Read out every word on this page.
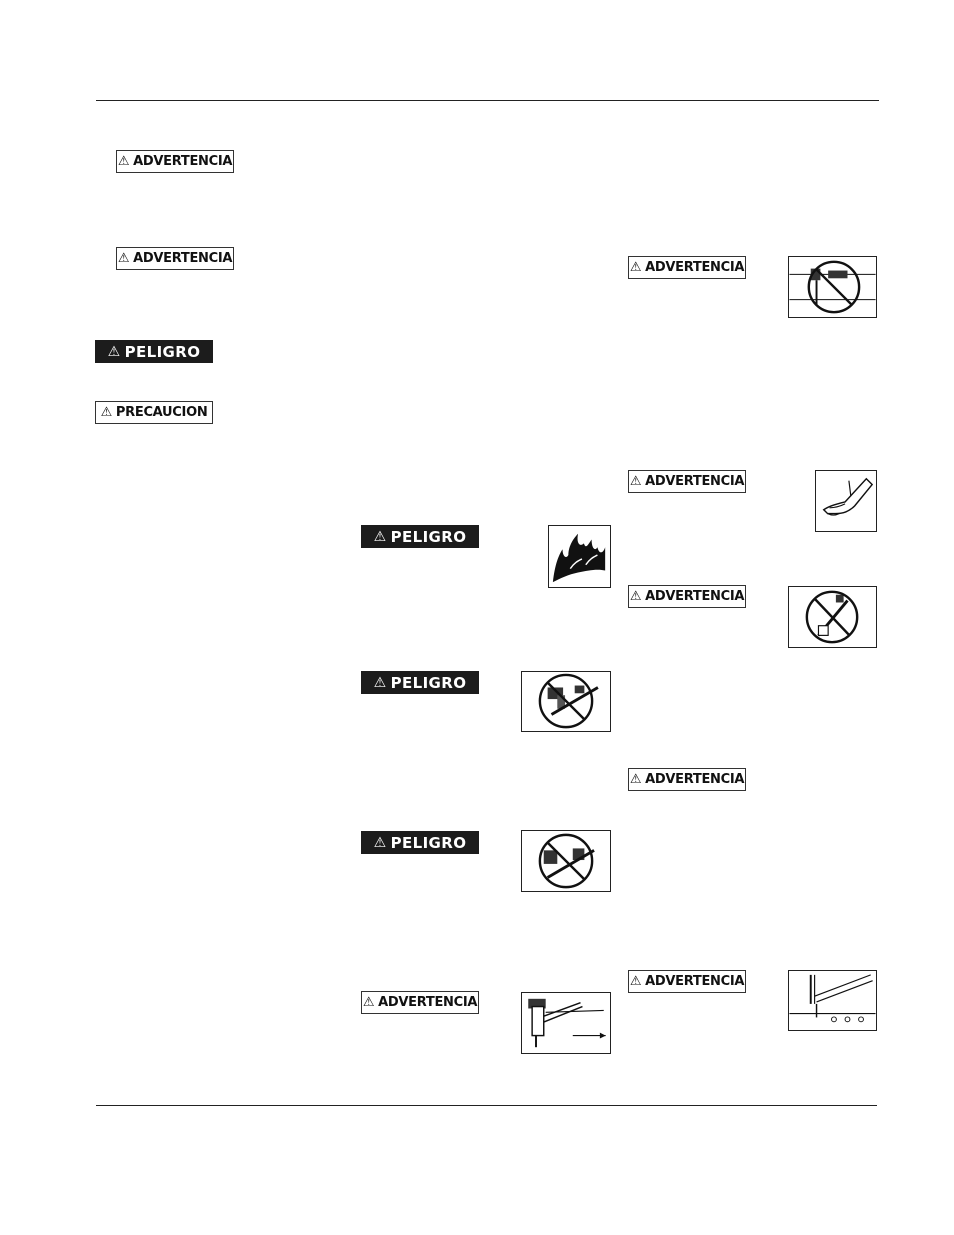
⚠ ADVERTENCIA
⚠ ADVERTENCIA
⚠ PELIGRO
⚠ PRECAUCION
⚠ PELIGRO
⚠ PELIGRO
⚠ PELIGRO
⚠ ADVERTENCIA
⚠ ADVERTENCIA
⚠ ADVERTENCIA
⚠ ADVERTENCIA
⚠ ADVERTENCIA
⚠ ADVERTENCIA
